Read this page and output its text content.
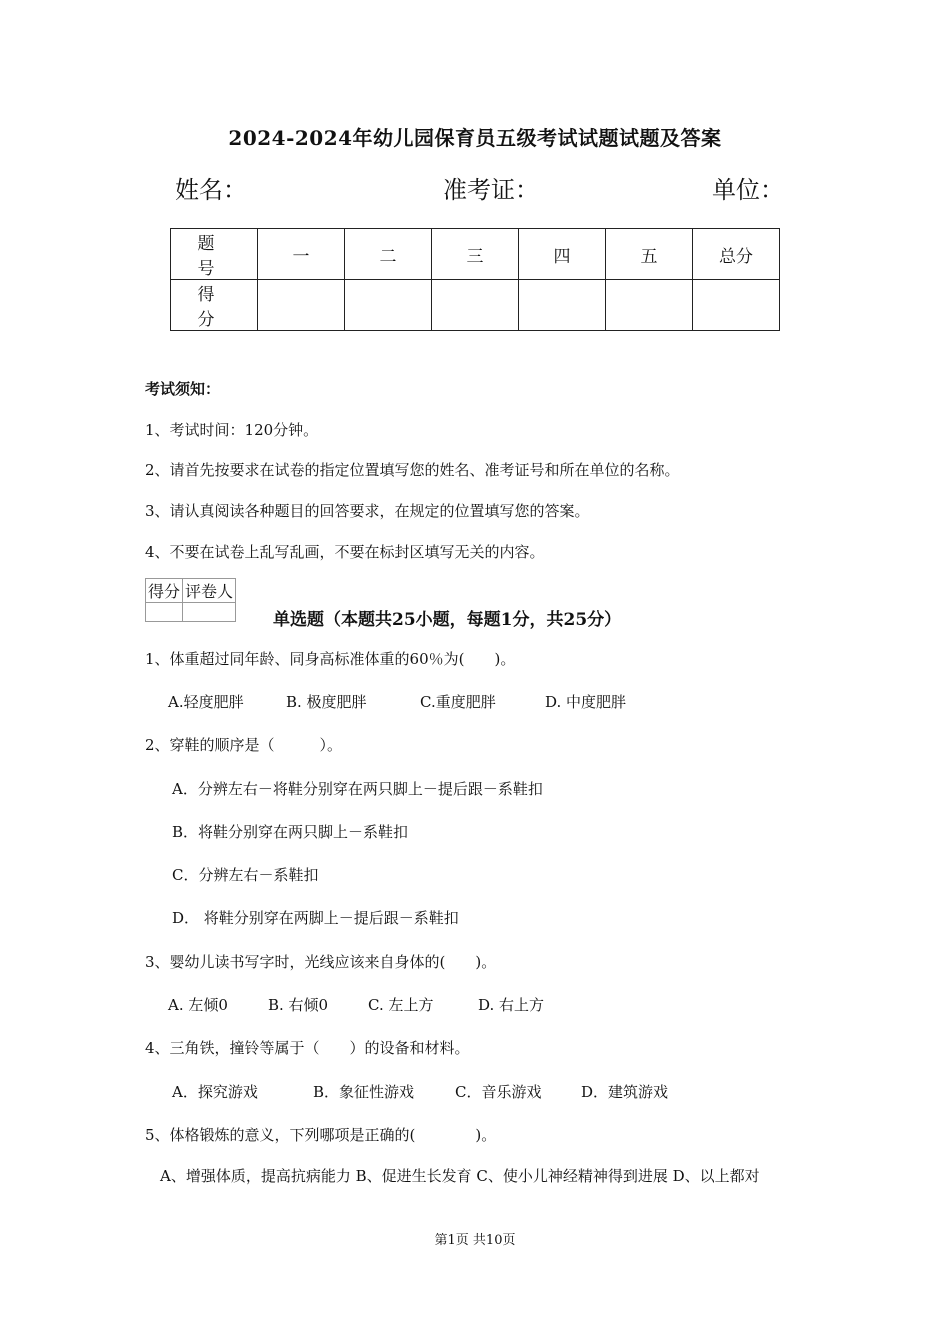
2024-2024年幼儿园保育员五级考试试题试题及答案
姓名：	准考证：	单位：
题 号	一	二	三	四	五	总分
得 分						
考试须知：
1、考试时间：120分钟。
2、请首先按要求在试卷的指定位置填写您的姓名、准考证号和所在单位的名称。
3、请认真阅读各种题目的回答要求，在规定的位置填写您的答案。
4、不要在试卷上乱写乱画，不要在标封区填写无关的内容。
得分	评卷人

单选题（本题共25小题，每题1分，共25分）
1、体重超过同年龄、同身高标准体重的60％为(　　)。
A.轻度肥胖	B. 极度肥胖	C.重度肥胖	D. 中度肥胖
2、穿鞋的顺序是（　　　）。
A．分辨左右－将鞋分别穿在两只脚上－提后跟－系鞋扣
B．将鞋分别穿在两只脚上－系鞋扣
C．分辨左右－系鞋扣
D． 将鞋分别穿在两脚上－提后跟－系鞋扣
3、婴幼儿读书写字时，光线应该来自身体的(　　)。
A. 左倾0	B. 右倾0	C. 左上方	D. 右上方
4、三角铁，撞铃等属于（　　）的设备和材料。
A．探究游戏	B．象征性游戏	C．音乐游戏	D．建筑游戏
5、体格锻炼的意义，下列哪项是正确的(　　　　)。
　A、增强体质，提高抗病能力 B、促进生长发育 C、使小儿神经精神得到进展 D、以上都对
第1页 共10页
